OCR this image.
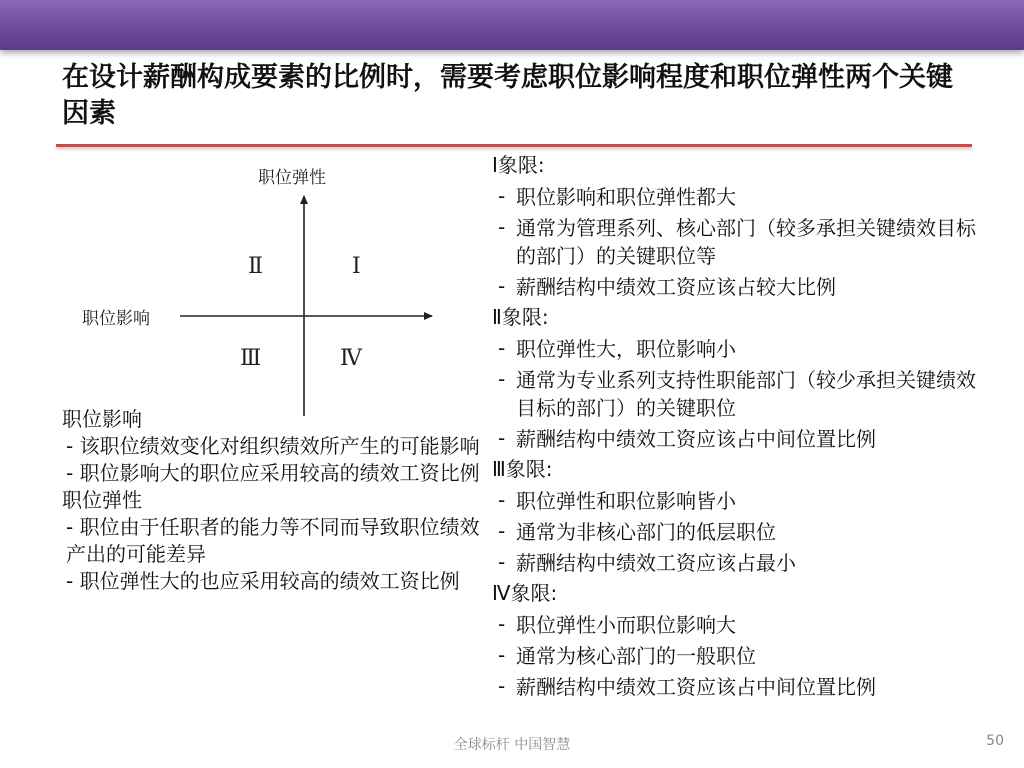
在设计薪酬构成要素的比例时，需要考虑职位影响程度和职位弹性两个关键因素
职位弹性
职位影响
Ⅱ	Ⅰ
Ⅲ	Ⅳ

职位影响

- 该职位绩效变化对组织绩效所产生的可能影响

- 职位影响大的职位应采用较高的绩效工资比例

职位弹性

- 职位由于任职者的能力等不同而导致职位绩效产出的可能差异

- 职位弹性大的也应采用较高的绩效工资比例

Ⅰ象限:

- 职位影响和职位弹性都大
- 通常为管理系列、核心部门（较多承担关键绩效目标的部门）的关键职位等
- 薪酬结构中绩效工资应该占较大比例

Ⅱ象限:

- 职位弹性大，职位影响小
- 通常为专业系列支持性职能部门（较少承担关键绩效目标的部门）的关键职位
- 薪酬结构中绩效工资应该占中间位置比例

Ⅲ象限:

- 职位弹性和职位影响皆小
- 通常为非核心部门的低层职位
- 薪酬结构中绩效工资应该占最小

Ⅳ象限:

- 职位弹性小而职位影响大
- 通常为核心部门的一般职位
- 薪酬结构中绩效工资应该占中间位置比例
全球标杆 中国智慧	50
